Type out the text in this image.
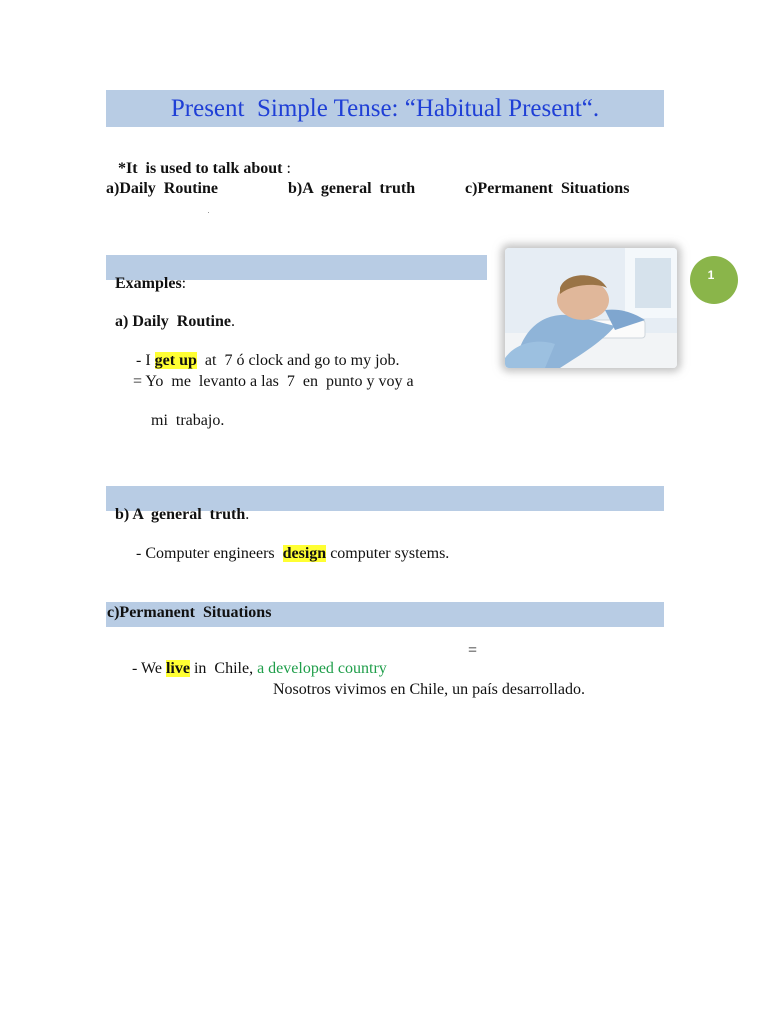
Present  Simple Tense: “Habitual Present“.

*It  is used to talk about :

a)Daily  Routine	b)A  general  truth	c)Permanent  Situations

Examples:

a) Daily  Routine.

- I get up  at  7 ó clock and go to my job.

= Yo  me  levanto a las  7  en  punto y voy a
mi  trabajo.
1

b) A  general  truth.

- Computer engineers  design computer systems.

c)Permanent  Situations

- We live in  Chile, a developed country

=
Nosotros vivimos en Chile, un país desarrollado.
